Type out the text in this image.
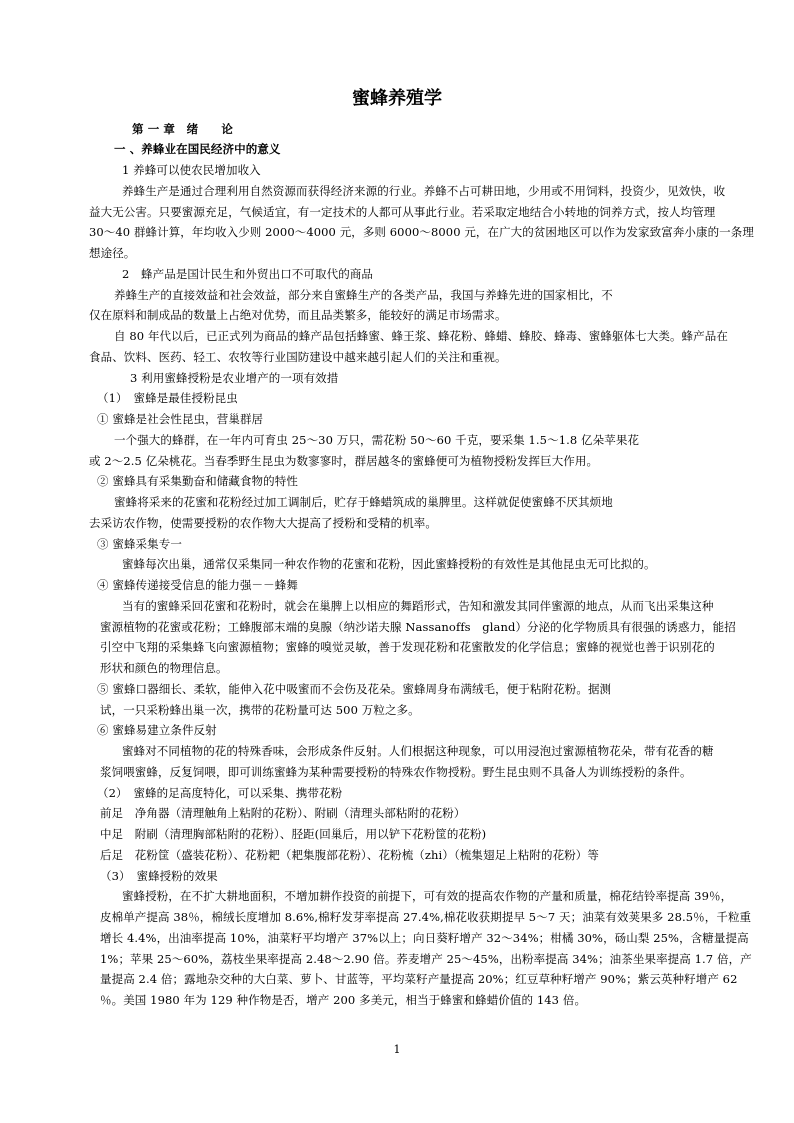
蜜蜂养殖学
第 一 章　绪　　论
一 、养蜂业在国民经济中的意义
1 养蜂可以使农民增加收入
养蜂生产是通过合理利用自然资源而获得经济来源的行业。养蜂不占可耕田地，少用或不用饲料，投资少，见效快，收
益大无公害。只要蜜源充足，气候适宜，有一定技术的人都可从事此行业。若采取定地结合小转地的饲养方式，按人均管理
30～40 群蜂计算，年均收入少则 2000～4000 元，多则 6000～8000 元，在广大的贫困地区可以作为发家致富奔小康的一条理
想途径。
2　蜂产品是国计民生和外贸出口不可取代的商品
养蜂生产的直接效益和社会效益，部分来自蜜蜂生产的各类产品，我国与养蜂先进的国家相比，不
仅在原料和制成品的数量上占绝对优势，而且品类繁多，能较好的满足市场需求。
自 80 年代以后，已正式列为商品的蜂产品包括蜂蜜、蜂王浆、蜂花粉、蜂蜡、蜂胶、蜂毒、蜜蜂躯体七大类。蜂产品在
食品、饮料、医药、轻工、农牧等行业国防建设中越来越引起人们的关注和重视。
3 利用蜜蜂授粉是农业增产的一项有效措
（1）　蜜蜂是最佳授粉昆虫
① 蜜蜂是社会性昆虫，营巢群居
一个强大的蜂群，在一年内可育虫 25～30 万只，需花粉 50～60 千克，要采集 1.5～1.8 亿朵苹果花
或 2～2.5 亿朵桃花。当春季野生昆虫为数寥寥时，群居越冬的蜜蜂便可为植物授粉发挥巨大作用。
② 蜜蜂具有采集勤奋和储藏食物的特性
蜜蜂将采来的花蜜和花粉经过加工调制后，贮存于蜂蜡筑成的巢脾里。这样就促使蜜蜂不厌其烦地
去采访农作物，使需要授粉的农作物大大提高了授粉和受精的机率。
③ 蜜蜂采集专一
蜜蜂每次出巢，通常仅采集同一种农作物的花蜜和花粉，因此蜜蜂授粉的有效性是其他昆虫无可比拟的。
④ 蜜蜂传递接受信息的能力强－－蜂舞
当有的蜜蜂采回花蜜和花粉时，就会在巢脾上以相应的舞蹈形式，告知和激发其同伴蜜源的地点，从而飞出采集这种
蜜源植物的花蜜或花粉；工蜂腹部末端的臭腺（纳沙诺夫腺 Nassanoffs　gland）分泌的化学物质具有很强的诱惑力，能招
引空中飞翔的采集蜂飞向蜜源植物；蜜蜂的嗅觉灵敏，善于发现花粉和花蜜散发的化学信息；蜜蜂的视觉也善于识别花的
形状和颜色的物理信息。
⑤ 蜜蜂口器细长、柔软，能伸入花中吸蜜而不会伤及花朵。蜜蜂周身布满绒毛，便于粘附花粉。据测
试，一只采粉蜂出巢一次，携带的花粉量可达 500 万粒之多。
⑥ 蜜蜂易建立条件反射
蜜蜂对不同植物的花的特殊香味，会形成条件反射。人们根据这种现象，可以用浸泡过蜜源植物花朵，带有花香的糖
浆饲喂蜜蜂，反复饲喂，即可训练蜜蜂为某种需要授粉的特殊农作物授粉。野生昆虫则不具备人为训练授粉的条件。
（2）　蜜蜂的足高度特化，可以采集、携带花粉
前足　净角器（清理触角上粘附的花粉）、附刷（清理头部粘附的花粉）
中足　附刷（清理胸部粘附的花粉）、胫距(回巢后，用以铲下花粉筐的花粉)
后足　花粉筐（盛装花粉）、花粉耙（耙集腹部花粉）、花粉梳（zhi）（梳集翅足上粘附的花粉）等
（3）　蜜蜂授粉的效果
蜜蜂授粉，在不扩大耕地面积，不增加耕作投资的前提下，可有效的提高农作物的产量和质量，棉花结铃率提高 39％，
皮棉单产提高 38％，棉绒长度增加 8.6%,棉籽发芽率提高 27.4%,棉花收获期提早 5～7 天；油菜有效荚果多 28.5％，千粒重
增长 4.4%，出油率提高 10%，油菜籽平均增产 37%以上；向日葵籽增产 32～34%；柑橘 30%，砀山梨 25%，含糖量提高
1%；苹果 25～60%，荔枝坐果率提高 2.48～2.90 倍。荞麦增产 25～45%，出粉率提高 34%；油茶坐果率提高 1.7 倍，产
量提高 2.4 倍；露地杂交种的大白菜、萝卜、甘蓝等，平均菜籽产量提高 20%；红豆草种籽增产 90%；紫云英种籽增产 62
％。美国 1980 年为 129 种作物是否，增产 200 多美元，相当于蜂蜜和蜂蜡价值的 143 倍。
1
